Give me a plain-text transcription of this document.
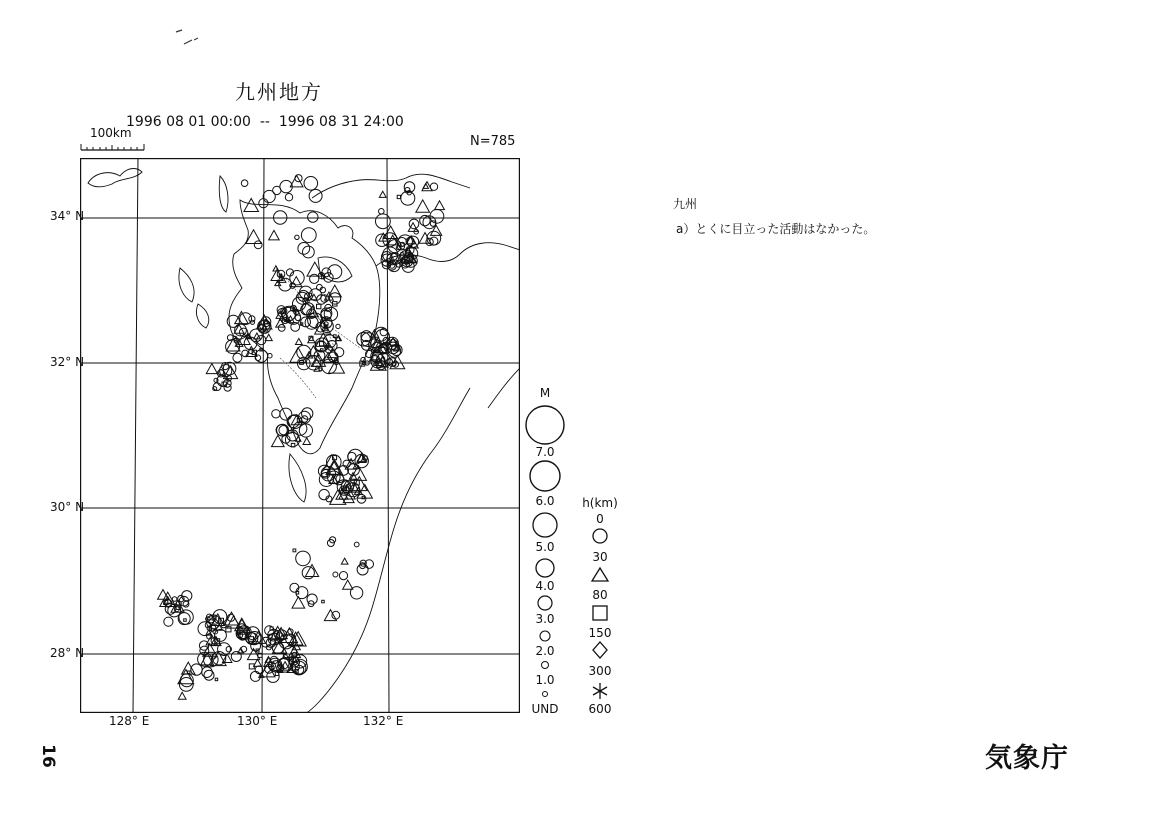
九州地方
1996 08 01 00:00  --  1996 08 31 24:00
N=785
100km
34° N
32° N
30° N
28° N
128° E	130° E	132° E
M
7.0
6.0
5.0
4.0
3.0
2.0
1.0
UND
h(km)
0
30
80
150
300
600
九州
a）とくに目立った活動はなかった。
16	気象庁
